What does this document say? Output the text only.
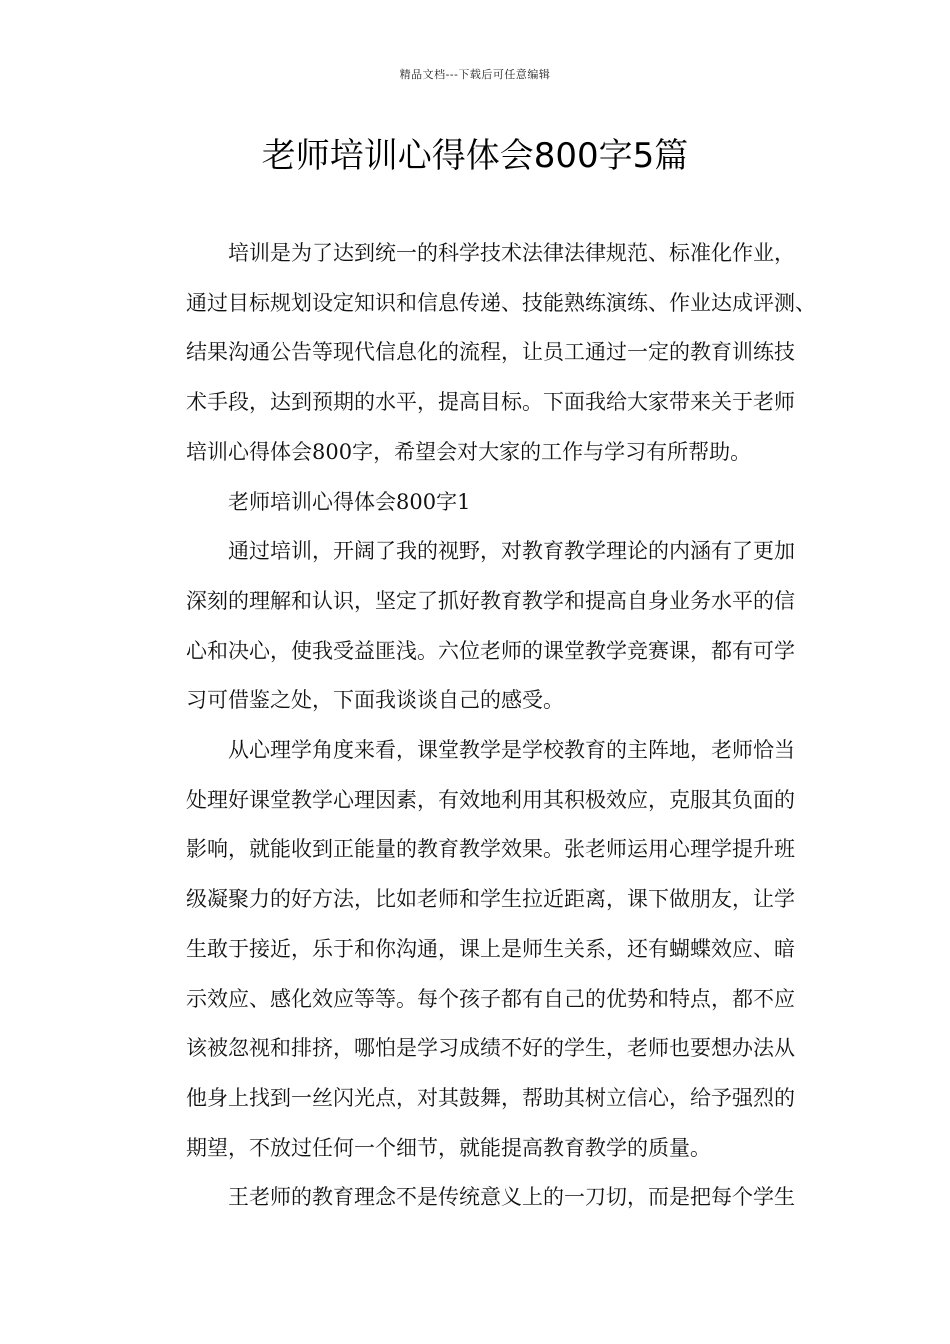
精品文档---下载后可任意编辑
老师培训心得体会800字5篇
培训是为了达到统一的科学技术法律法律规范、标准化作业，
通过目标规划设定知识和信息传递、技能熟练演练、作业达成评测、
结果沟通公告等现代信息化的流程，让员工通过一定的教育训练技
术手段，达到预期的水平，提高目标。下面我给大家带来关于老师
培训心得体会800字，希望会对大家的工作与学习有所帮助。
老师培训心得体会800字1
通过培训，开阔了我的视野，对教育教学理论的内涵有了更加
深刻的理解和认识，坚定了抓好教育教学和提高自身业务水平的信
心和决心，使我受益匪浅。六位老师的课堂教学竞赛课，都有可学
习可借鉴之处，下面我谈谈自己的感受。
从心理学角度来看，课堂教学是学校教育的主阵地，老师恰当
处理好课堂教学心理因素，有效地利用其积极效应，克服其负面的
影响，就能收到正能量的教育教学效果。张老师运用心理学提升班
级凝聚力的好方法，比如老师和学生拉近距离，课下做朋友，让学
生敢于接近，乐于和你沟通，课上是师生关系，还有蝴蝶效应、暗
示效应、感化效应等等。每个孩子都有自己的优势和特点，都不应
该被忽视和排挤，哪怕是学习成绩不好的学生，老师也要想办法从
他身上找到一丝闪光点，对其鼓舞，帮助其树立信心，给予强烈的
期望，不放过任何一个细节，就能提高教育教学的质量。
王老师的教育理念不是传统意义上的一刀切，而是把每个学生
